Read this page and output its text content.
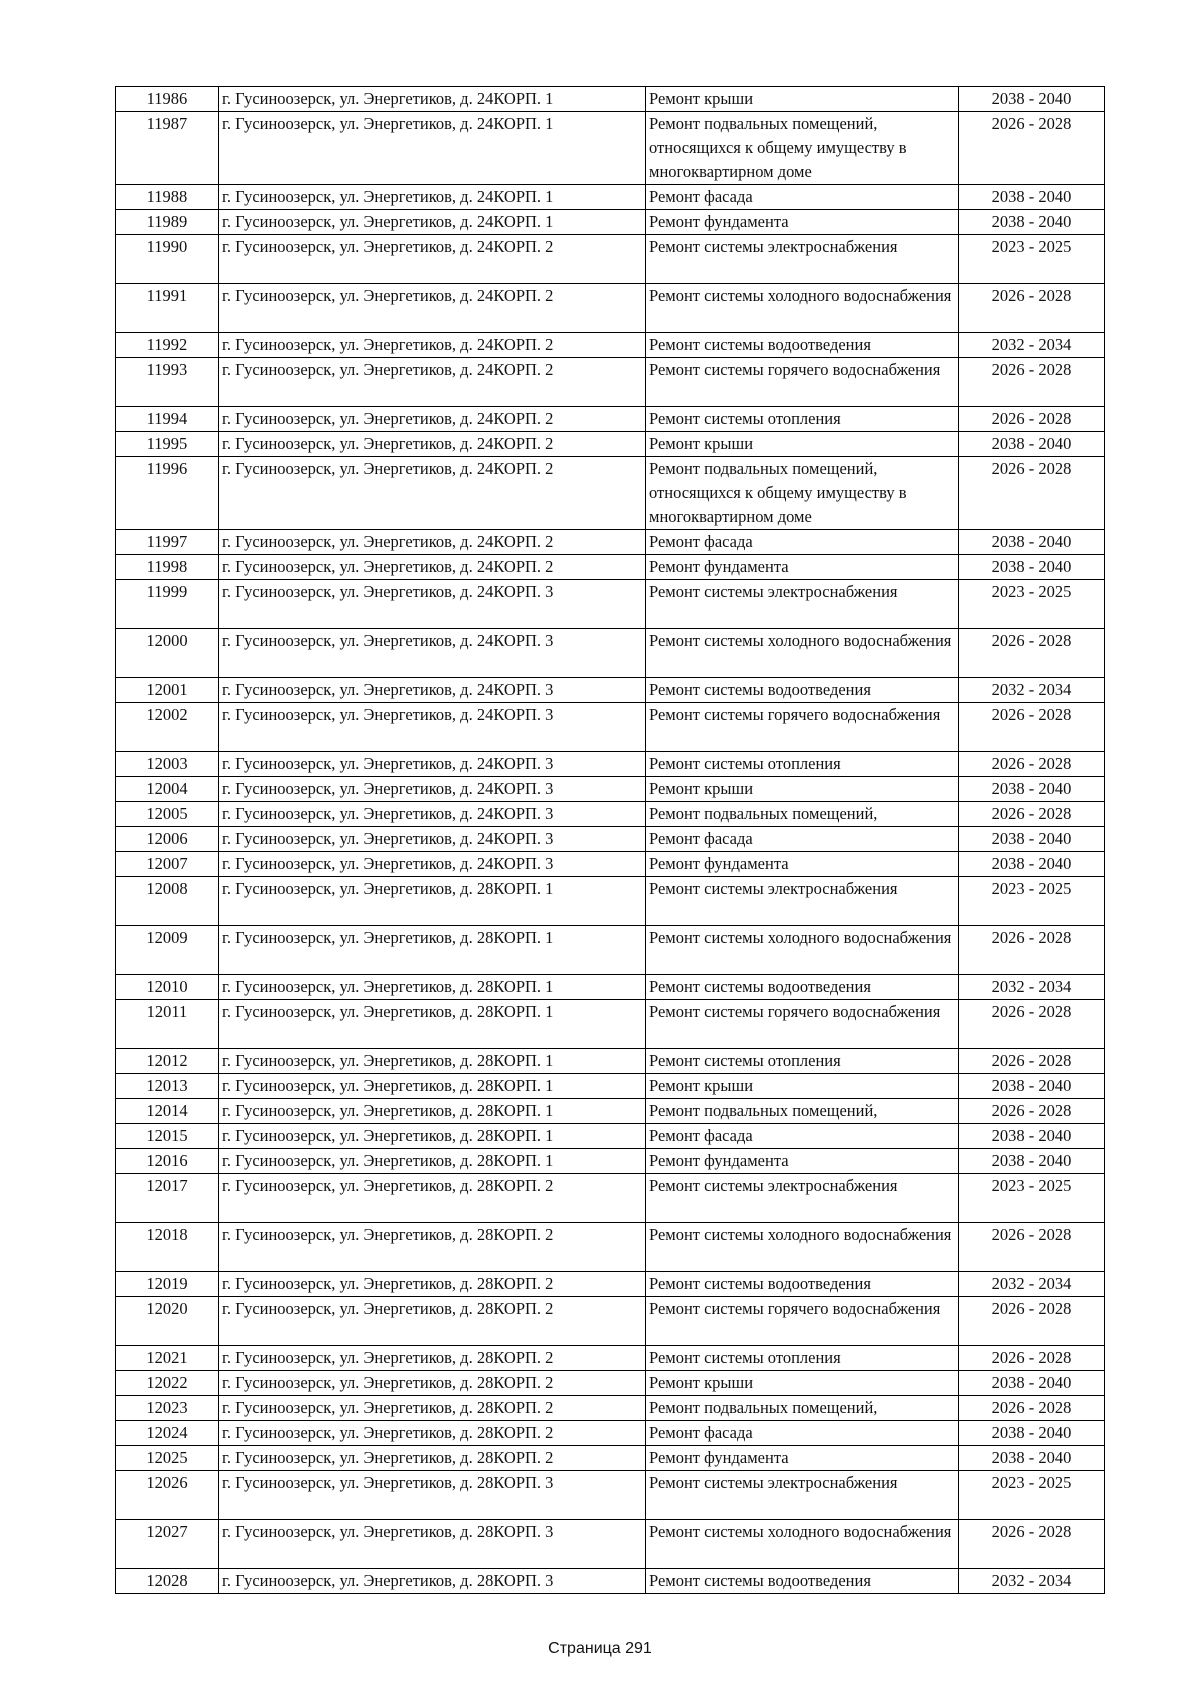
11986	г. Гусиноозерск, ул. Энергетиков, д. 24КОРП. 1	Ремонт крыши	2038 - 2040
11987	г. Гусиноозерск, ул. Энергетиков, д. 24КОРП. 1	Ремонт подвальных помещений, относящихся к общему имуществу в многоквартирном доме	2026 - 2028
11988	г. Гусиноозерск, ул. Энергетиков, д. 24КОРП. 1	Ремонт фасада	2038 - 2040
11989	г. Гусиноозерск, ул. Энергетиков, д. 24КОРП. 1	Ремонт фундамента	2038 - 2040
11990	г. Гусиноозерск, ул. Энергетиков, д. 24КОРП. 2	Ремонт системы электроснабжения	2023 - 2025
11991	г. Гусиноозерск, ул. Энергетиков, д. 24КОРП. 2	Ремонт системы холодного водоснабжения	2026 - 2028
11992	г. Гусиноозерск, ул. Энергетиков, д. 24КОРП. 2	Ремонт системы водоотведения	2032 - 2034
11993	г. Гусиноозерск, ул. Энергетиков, д. 24КОРП. 2	Ремонт системы горячего водоснабжения	2026 - 2028
11994	г. Гусиноозерск, ул. Энергетиков, д. 24КОРП. 2	Ремонт системы отопления	2026 - 2028
11995	г. Гусиноозерск, ул. Энергетиков, д. 24КОРП. 2	Ремонт крыши	2038 - 2040
11996	г. Гусиноозерск, ул. Энергетиков, д. 24КОРП. 2	Ремонт подвальных помещений, относящихся к общему имуществу в многоквартирном доме	2026 - 2028
11997	г. Гусиноозерск, ул. Энергетиков, д. 24КОРП. 2	Ремонт фасада	2038 - 2040
11998	г. Гусиноозерск, ул. Энергетиков, д. 24КОРП. 2	Ремонт фундамента	2038 - 2040
11999	г. Гусиноозерск, ул. Энергетиков, д. 24КОРП. 3	Ремонт системы электроснабжения	2023 - 2025
12000	г. Гусиноозерск, ул. Энергетиков, д. 24КОРП. 3	Ремонт системы холодного водоснабжения	2026 - 2028
12001	г. Гусиноозерск, ул. Энергетиков, д. 24КОРП. 3	Ремонт системы водоотведения	2032 - 2034
12002	г. Гусиноозерск, ул. Энергетиков, д. 24КОРП. 3	Ремонт системы горячего водоснабжения	2026 - 2028
12003	г. Гусиноозерск, ул. Энергетиков, д. 24КОРП. 3	Ремонт системы отопления	2026 - 2028
12004	г. Гусиноозерск, ул. Энергетиков, д. 24КОРП. 3	Ремонт крыши	2038 - 2040
12005	г. Гусиноозерск, ул. Энергетиков, д. 24КОРП. 3	Ремонт подвальных помещений,	2026 - 2028
12006	г. Гусиноозерск, ул. Энергетиков, д. 24КОРП. 3	Ремонт фасада	2038 - 2040
12007	г. Гусиноозерск, ул. Энергетиков, д. 24КОРП. 3	Ремонт фундамента	2038 - 2040
12008	г. Гусиноозерск, ул. Энергетиков, д. 28КОРП. 1	Ремонт системы электроснабжения	2023 - 2025
12009	г. Гусиноозерск, ул. Энергетиков, д. 28КОРП. 1	Ремонт системы холодного водоснабжения	2026 - 2028
12010	г. Гусиноозерск, ул. Энергетиков, д. 28КОРП. 1	Ремонт системы водоотведения	2032 - 2034
12011	г. Гусиноозерск, ул. Энергетиков, д. 28КОРП. 1	Ремонт системы горячего водоснабжения	2026 - 2028
12012	г. Гусиноозерск, ул. Энергетиков, д. 28КОРП. 1	Ремонт системы отопления	2026 - 2028
12013	г. Гусиноозерск, ул. Энергетиков, д. 28КОРП. 1	Ремонт крыши	2038 - 2040
12014	г. Гусиноозерск, ул. Энергетиков, д. 28КОРП. 1	Ремонт подвальных помещений,	2026 - 2028
12015	г. Гусиноозерск, ул. Энергетиков, д. 28КОРП. 1	Ремонт фасада	2038 - 2040
12016	г. Гусиноозерск, ул. Энергетиков, д. 28КОРП. 1	Ремонт фундамента	2038 - 2040
12017	г. Гусиноозерск, ул. Энергетиков, д. 28КОРП. 2	Ремонт системы электроснабжения	2023 - 2025
12018	г. Гусиноозерск, ул. Энергетиков, д. 28КОРП. 2	Ремонт системы холодного водоснабжения	2026 - 2028
12019	г. Гусиноозерск, ул. Энергетиков, д. 28КОРП. 2	Ремонт системы водоотведения	2032 - 2034
12020	г. Гусиноозерск, ул. Энергетиков, д. 28КОРП. 2	Ремонт системы горячего водоснабжения	2026 - 2028
12021	г. Гусиноозерск, ул. Энергетиков, д. 28КОРП. 2	Ремонт системы отопления	2026 - 2028
12022	г. Гусиноозерск, ул. Энергетиков, д. 28КОРП. 2	Ремонт крыши	2038 - 2040
12023	г. Гусиноозерск, ул. Энергетиков, д. 28КОРП. 2	Ремонт подвальных помещений,	2026 - 2028
12024	г. Гусиноозерск, ул. Энергетиков, д. 28КОРП. 2	Ремонт фасада	2038 - 2040
12025	г. Гусиноозерск, ул. Энергетиков, д. 28КОРП. 2	Ремонт фундамента	2038 - 2040
12026	г. Гусиноозерск, ул. Энергетиков, д. 28КОРП. 3	Ремонт системы электроснабжения	2023 - 2025
12027	г. Гусиноозерск, ул. Энергетиков, д. 28КОРП. 3	Ремонт системы холодного водоснабжения	2026 - 2028
12028	г. Гусиноозерск, ул. Энергетиков, д. 28КОРП. 3	Ремонт системы водоотведения	2032 - 2034
Страница 291
